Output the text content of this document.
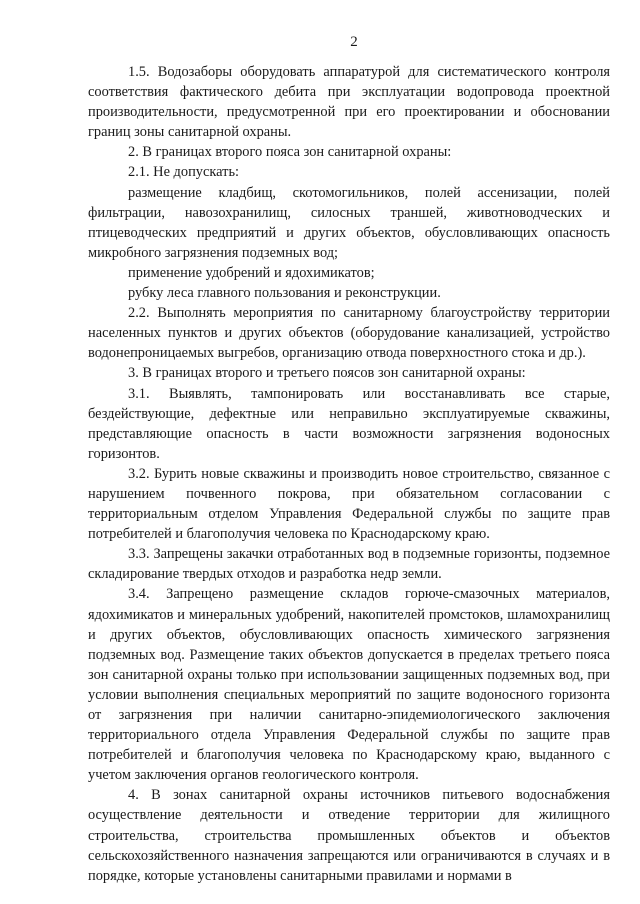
2

1.5. Водозаборы оборудовать аппаратурой для систематического контроля соответствия фактического дебита при эксплуатации водопровода проектной производительности, предусмотренной при его проектировании и обосновании границ зоны санитарной охраны.

2. В границах второго пояса зон санитарной охраны:

2.1. Не допускать:

размещение кладбищ, скотомогильников, полей ассенизации, полей фильтрации, навозохранилищ, силосных траншей, животноводческих и птицеводческих предприятий и других объектов, обусловливающих опасность микробного загрязнения подземных вод;

применение удобрений и ядохимикатов;

рубку леса главного пользования и реконструкции.

2.2. Выполнять мероприятия по санитарному благоустройству территории населенных пунктов и других объектов (оборудование канализацией, устройство водонепроницаемых выгребов, организацию отвода поверхностного стока и др.).

3. В границах второго и третьего поясов зон санитарной охраны:

3.1. Выявлять, тампонировать или восстанавливать все старые, бездействующие, дефектные или неправильно эксплуатируемые скважины, представляющие опасность в части возможности загрязнения водоносных горизонтов.

3.2. Бурить новые скважины и производить новое строительство, связанное с нарушением почвенного покрова, при обязательном согласовании с территориальным отделом Управления Федеральной службы по защите прав потребителей и благополучия человека по Краснодарскому краю.

3.3. Запрещены закачки отработанных вод в подземные горизонты, подземное складирование твердых отходов и разработка недр земли.

3.4. Запрещено размещение складов горюче-смазочных материалов, ядохимикатов и минеральных удобрений, накопителей промстоков, шламохранилищ и других объектов, обусловливающих опасность химического загрязнения подземных вод. Размещение таких объектов допускается в пределах третьего пояса зон санитарной охраны только при использовании защищенных подземных вод, при условии выполнения специальных мероприятий по защите водоносного горизонта от загрязнения при наличии санитарно-эпидемиологического заключения территориального отдела Управления Федеральной службы по защите прав потребителей и благополучия человека по Краснодарскому краю, выданного с учетом заключения органов геологического контроля.

4. В зонах санитарной охраны источников питьевого водоснабжения осуществление деятельности и отведение территории для жилищного строительства, строительства промышленных объектов и объектов сельскохозяйственного назначения запрещаются или ограничиваются в случаях и в порядке, которые установлены санитарными правилами и нормами в
